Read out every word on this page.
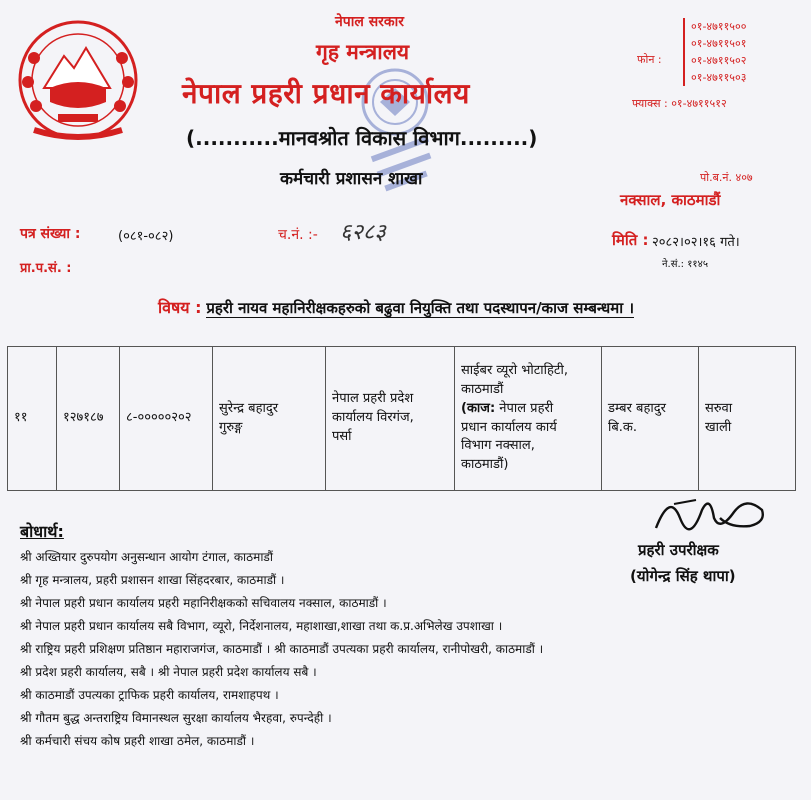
नेपाल सरकार
गृह मन्त्रालय
नेपाल प्रहरी प्रधान कार्यालय
(...........मानवश्रोत विकास विभाग.........)
कर्मचारी प्रशासन शाखा
फोन :
०१-४७११५००
०१-४७११५०१
०१-४७११५०२
०१-४७११५०३
फ्याक्स : ०१-४७११५१२
पो.ब.नं. ४०७
नक्साल, काठमाडौं
पत्र संख्या :	(०८१-०८२)	च.नं. :- ६२८३	मिति : २०८२।०२।१६ गते।
ने.सं.: ११४५
प्रा.प.सं. :
विषय : प्रहरी नायव महानिरीक्षकहरुको बढुवा नियुक्ति तथा पदस्थापन/काज सम्बन्धमा ।
११	१२७१८७	८-०००००२०२	सुरेन्द्र बहादुर
गुरुङ्ग	नेपाल प्रहरी प्रदेश
कार्यालय विरगंज,
पर्सा	साईबर व्यूरो भोटाहिटी,
काठमाडौं
(काज: नेपाल प्रहरी
प्रधान कार्यालय कार्य
विभाग नक्साल,
काठमाडौं)	डम्बर बहादुर
बि.क.	सरुवा
खाली
प्रहरी उपरीक्षक
(योगेन्द्र सिंह थापा)
बोधार्थ:
श्री अख्तियार दुरुपयोग अनुसन्धान आयोग टंगाल, काठमाडौं
श्री गृह मन्त्रालय, प्रहरी प्रशासन शाखा सिंहदरबार, काठमाडौं ।
श्री नेपाल प्रहरी प्रधान कार्यालय प्रहरी महानिरीक्षकको सचिवालय नक्साल, काठमाडौं ।
श्री नेपाल प्रहरी प्रधान कार्यालय सबै विभाग, व्यूरो, निर्देशनालय, महाशाखा,शाखा तथा क.प्र.अभिलेख उपशाखा ।
श्री राष्ट्रिय प्रहरी प्रशिक्षण प्रतिष्ठान महाराजगंज, काठमाडौं । श्री काठमाडौं उपत्यका प्रहरी कार्यालय, रानीपोखरी, काठमाडौं ।
श्री प्रदेश प्रहरी कार्यालय, सबै । श्री नेपाल प्रहरी प्रदेश कार्यालय सबै ।
श्री काठमाडौं उपत्यका ट्राफिक प्रहरी कार्यालय, रामशाहपथ ।
श्री गौतम बुद्ध अन्तराष्ट्रिय विमानस्थल सुरक्षा कार्यालय भैरहवा, रुपन्देही ।
श्री कर्मचारी संचय कोष प्रहरी शाखा ठमेल, काठमाडौं ।
